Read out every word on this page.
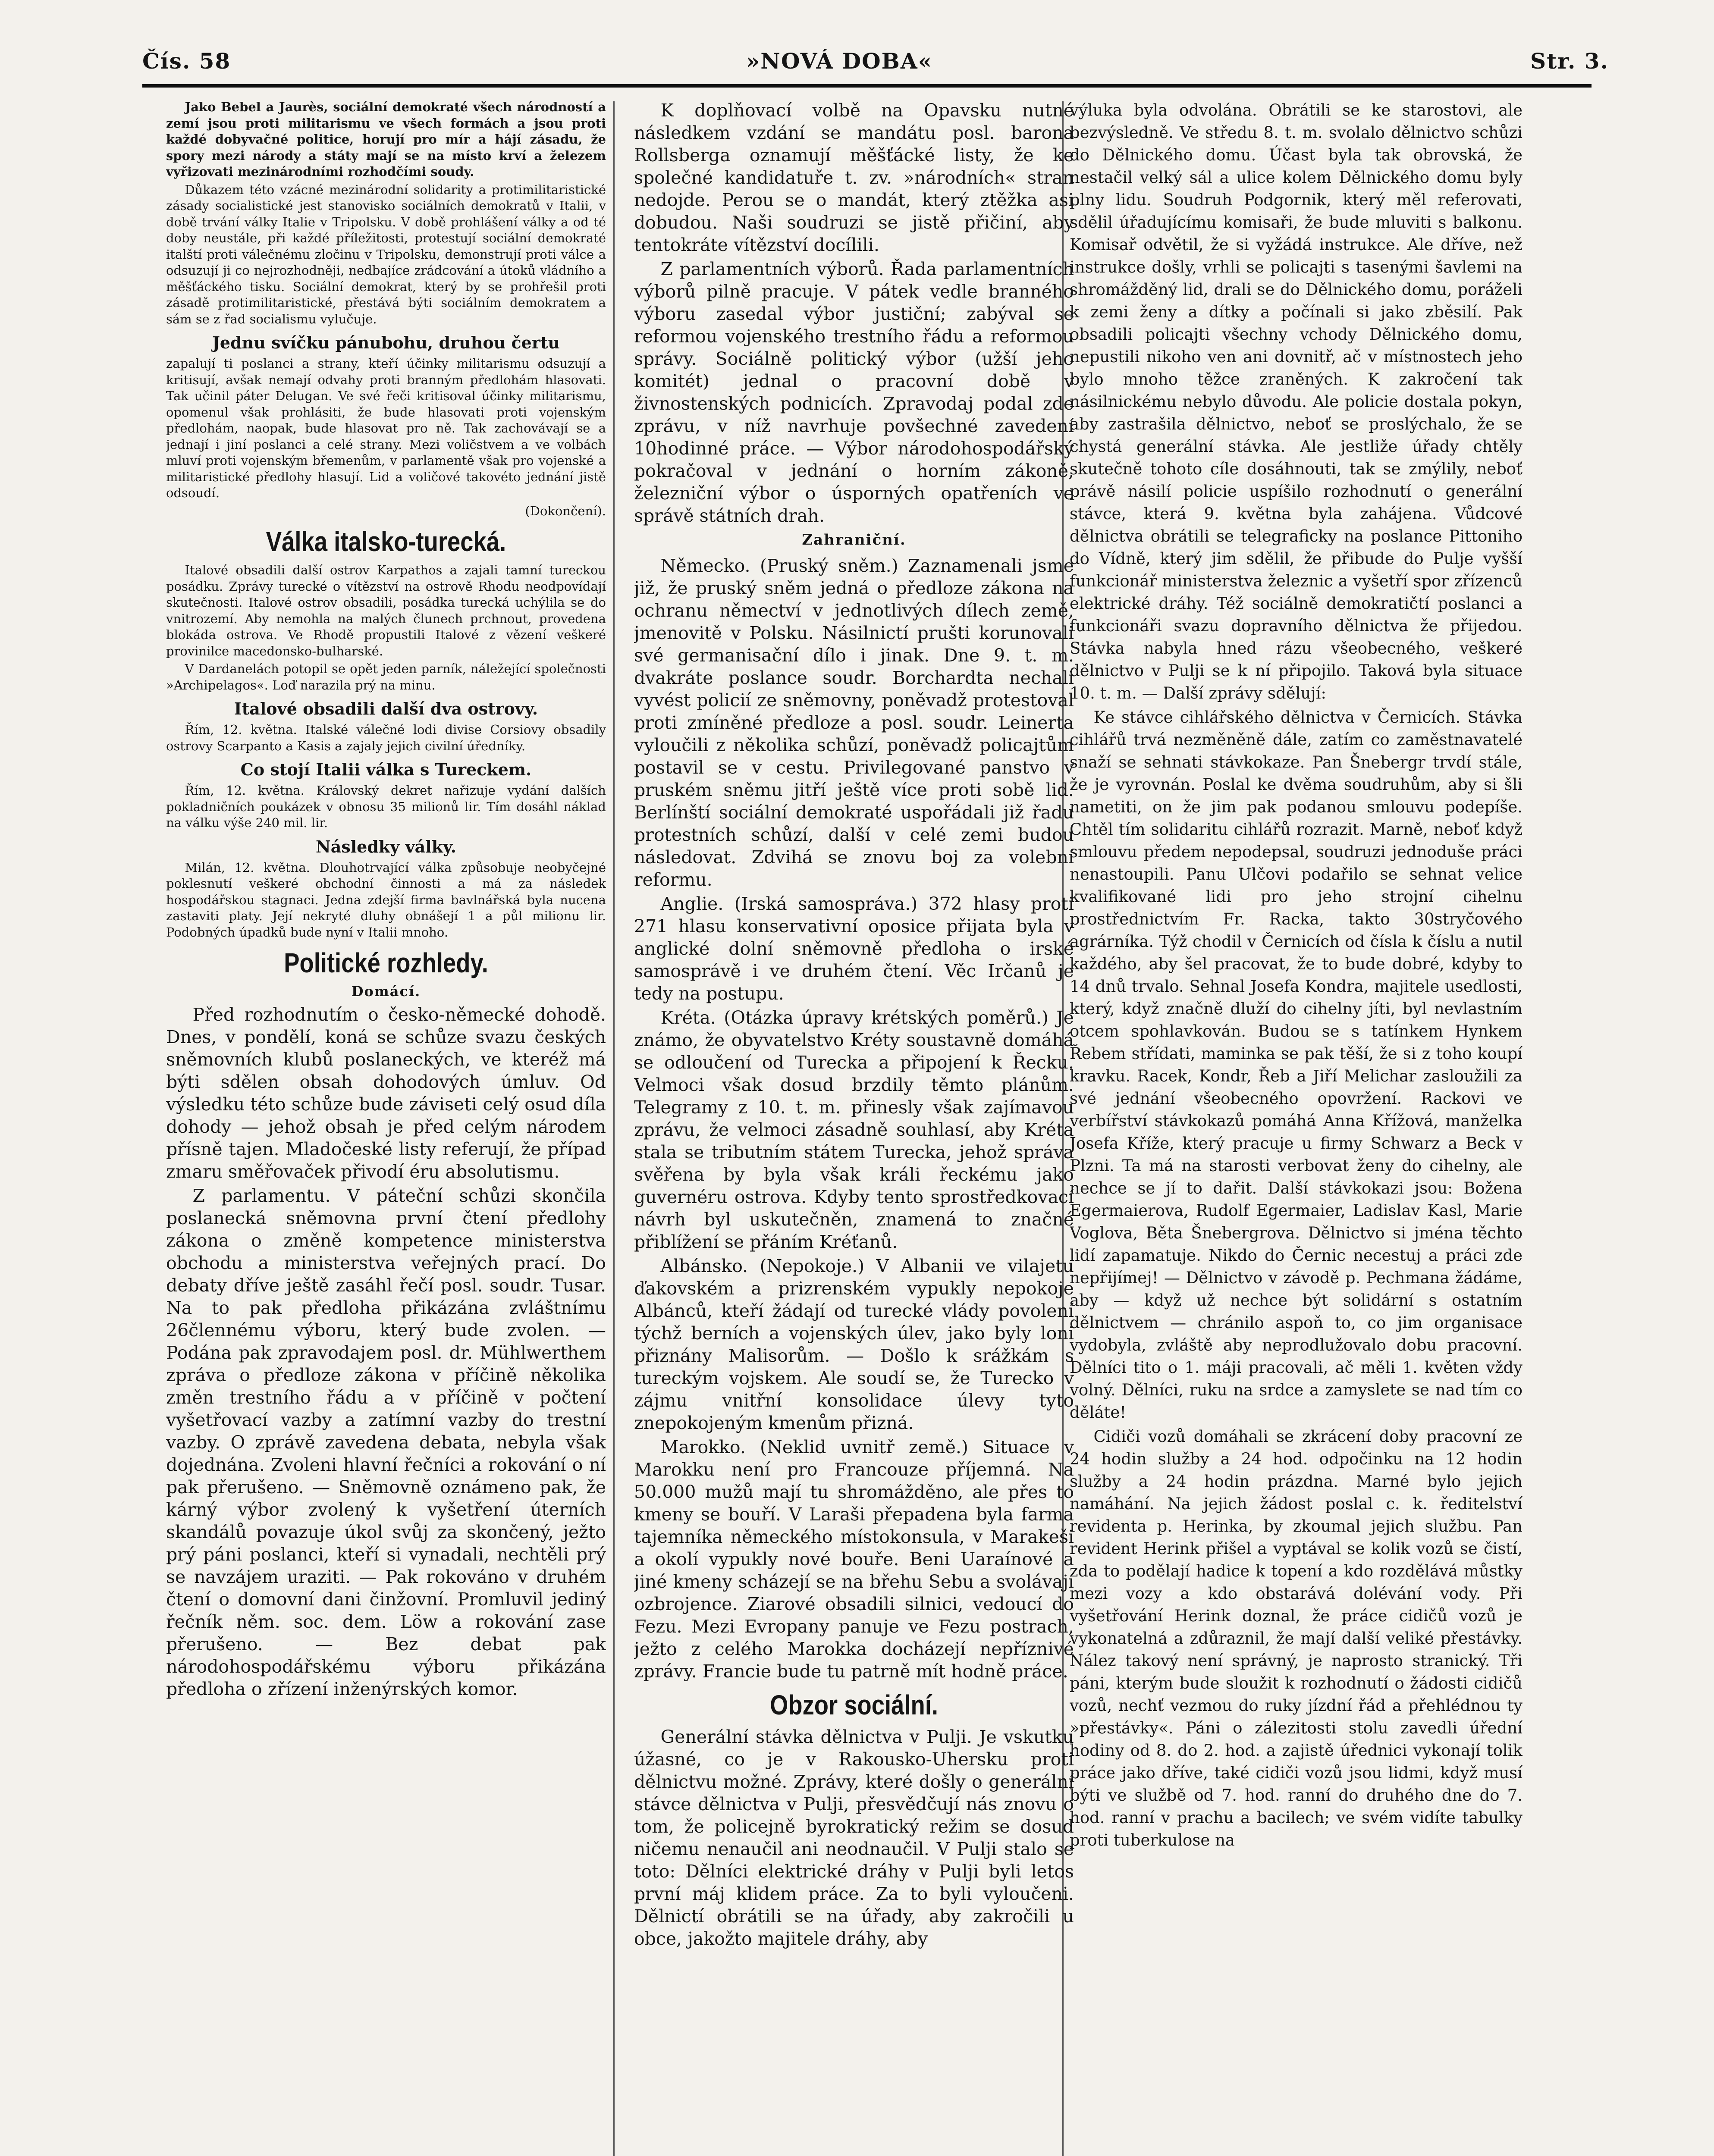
Čís. 58	»NOVÁ DOBA«	Str. 3.

Jako Bebel a Jaurès, sociální demokraté všech národností a zemí jsou proti militarismu ve všech formách a jsou proti každé dobyvačné politice, horují pro mír a hájí zásadu, že spory mezi národy a státy mají se na místo krví a železem vyřizovati mezinárodními rozhodčími soudy.

Důkazem této vzácné mezinárodní solidarity a protimilitaristické zásady socialistické jest stanovisko sociálních demokratů v Italii, v době trvání války Italie v Tripolsku. V době prohlášení války a od té doby neustále, při každé příležitosti, protestují sociální demokraté italští proti válečnému zločinu v Tripolsku, demonstrují proti válce a odsuzují ji co nejrozhodněji, nedbajíce zrádcování a útoků vládního a měšťáckého tisku. Sociální demokrat, který by se prohřešil proti zásadě protimilitaristické, přestává býti sociálním demokratem a sám se z řad socialismu vylučuje.

Jednu svíčku pánubohu, druhou čertu

zapalují ti poslanci a strany, kteří účinky militarismu odsuzují a kritisují, avšak nemají odvahy proti branným předlohám hlasovati. Tak učinil páter Delugan. Ve své řeči kritisoval účinky militarismu, opomenul však prohlásiti, že bude hlasovati proti vojenským předlohám, naopak, bude hlasovat pro ně. Tak zachovávají se a jednají i jiní poslanci a celé strany. Mezi voličstvem a ve volbách mluví proti vojenským břemenům, v parlamentě však pro vojenské a militaristické předlohy hlasují. Lid a voličové takovéto jednání jistě odsoudí.

(Dokončení).

Válka italsko-turecká.

Italové obsadili další ostrov Karpathos a zajali tamní tureckou posádku. Zprávy turecké o vítězství na ostrově Rhodu neodpovídají skutečnosti. Italové ostrov obsadili, posádka turecká uchýlila se do vnitrozemí. Aby nemohla na malých člunech prchnout, provedena blokáda ostrova. Ve Rhodě propustili Italové z vězení veškeré provinilce macedonsko-bulharské.

V Dardanelách potopil se opět jeden parník, náležející společnosti »Archipelagos«. Loď narazila prý na minu.

Italové obsadili další dva ostrovy.

Řím, 12. května. Italské válečné lodi divise Corsiovy obsadily ostrovy Scarpanto a Kasis a zajaly jejich civilní úředníky.

Co stojí Italii válka s Tureckem.

Řím, 12. května. Královský dekret nařizuje vydání dalších pokladničních poukázek v obnosu 35 milionů lir. Tím dosáhl náklad na válku výše 240 mil. lir.

Následky války.

Milán, 12. května. Dlouhotrvající válka způsobuje neobyčejné poklesnutí veškeré obchodní činnosti a má za následek hospodářskou stagnaci. Jedna zdejší firma bavlnářská byla nucena zastaviti platy. Její nekryté dluhy obnášejí 1 a půl milionu lir. Podobných úpadků bude nyní v Italii mnoho.

Politické rozhledy.
Domácí.

Před rozhodnutím o česko-německé dohodě. Dnes, v pondělí, koná se schůze svazu českých sněmovních klubů poslaneckých, ve kteréž má býti sdělen obsah dohodových úmluv. Od výsledku této schůze bude záviseti celý osud díla dohody — jehož obsah je před celým národem přísně tajen. Mladočeské listy referují, že případ zmaru směřovaček přivodí éru absolutismu.

Z parlamentu. V páteční schůzi skončila poslanecká sněmovna první čtení předlohy zákona o změně kompetence ministerstva obchodu a ministerstva veřejných prací. Do debaty dříve ještě zasáhl řečí posl. soudr. Tusar. Na to pak předloha přikázána zvláštnímu 26člennému výboru, který bude zvolen. — Podána pak zpravodajem posl. dr. Mühlwerthem zpráva o předloze zákona v příčině několika změn trestního řádu a v příčině v počtení vyšetřovací vazby a zatímní vazby do trestní vazby. O zprávě zavedena debata, nebyla však dojednána. Zvoleni hlavní řečníci a rokování o ní pak přerušeno. — Sněmovně oznámeno pak, že kárný výbor zvolený k vyšetření úterních skandálů povazuje úkol svůj za skončený, ježto prý páni poslanci, kteří si vynadali, nechtěli prý se navzájem uraziti. — Pak rokováno v druhém čtení o domovní dani činžovní. Promluvil jediný řečník něm. soc. dem. Löw a rokování zase přerušeno. — Bez debat pak národohospodářskému výboru přikázána předloha o zřízení inženýrských komor.

K doplňovací volbě na Opavsku nutné následkem vzdání se mandátu posl. barona Rollsberga oznamují měšťácké listy, že ke společné kandidatuře t. zv. »národních« stran nedojde. Perou se o mandát, který ztěžka asi dobudou. Naši soudruzi se jistě přičiní, aby tentokráte vítězství docílili.

Z parlamentních výborů. Řada parlamentních výborů pilně pracuje. V pátek vedle branného výboru zasedal výbor justiční; zabýval se reformou vojenského trestního řádu a reformou správy. Sociálně politický výbor (užší jeho komitét) jednal o pracovní době v živnostenských podnicích. Zpravodaj podal zde zprávu, v níž navrhuje povšechné zavedení 10hodinné práce. — Výbor národohospodářský pokračoval v jednání o horním zákoně, železniční výbor o úsporných opatřeních ve správě státních drah.

Zahraniční.

Německo. (Pruský sněm.) Zaznamenali jsme již, že pruský sněm jedná o předloze zákona na ochranu němectví v jednotlivých dílech země, jmenovitě v Polsku. Násilnictí prušti korunovali své germanisační dílo i jinak. Dne 9. t. m. dvakráte poslance soudr. Borchardta nechali vyvést policií ze sněmovny, poněvadž protestoval proti zmíněné předloze a posl. soudr. Leinerta vyloučili z několika schůzí, poněvadž policajtům postavil se v cestu. Privilegované panstvo v pruském sněmu jitří ještě více proti sobě lid. Berlínští sociální demokraté uspořádali již řadu protestních schůzí, další v celé zemi budou následovat. Zdvihá se znovu boj za volební reformu.

Anglie. (Irská samospráva.) 372 hlasy proti 271 hlasu konservativní oposice přijata byla v anglické dolní sněmovně předloha o irské samosprávě i ve druhém čtení. Věc Irčanů je tedy na postupu.

Kréta. (Otázka úpravy krétských poměrů.) Je známo, že obyvatelstvo Kréty soustavně domáhá se odloučení od Turecka a připojení k Řecku. Velmoci však dosud brzdily těmto plánům. Telegramy z 10. t. m. přinesly však zajímavou zprávu, že velmoci zásadně souhlasí, aby Kréta stala se tributním státem Turecka, jehož správa svěřena by byla však králi řeckému jako guvernéru ostrova. Kdyby tento sprostředkovací návrh byl uskutečněn, znamená to značné přiblížení se přáním Kréťanů.

Albánsko. (Nepokoje.) V Albanii ve vilajetu ďakovském a prizrenském vypukly nepokoje Albánců, kteří žádají od turecké vlády povolení týchž berních a vojenských úlev, jako byly loni přiznány Malisorům. — Došlo k srážkám s tureckým vojskem. Ale soudí se, že Turecko v zájmu vnitřní konsolidace úlevy tyto znepokojeným kmenům přizná.

Marokko. (Neklid uvnitř země.) Situace v Marokku není pro Francouze příjemná. Na 50.000 mužů mají tu shromážděno, ale přes to kmeny se bouří. V Laraši přepadena byla farma tajemníka německého místokonsula, v Marakeši a okolí vypukly nové bouře. Beni Uaraínové a jiné kmeny scházejí se na břehu Sebu a svolávají ozbrojence. Ziarové obsadili silnici, vedoucí do Fezu. Mezi Evropany panuje ve Fezu postrach, ježto z celého Marokka docházejí nepříznivé zprávy. Francie bude tu patrně mít hodně práce.

Obzor sociální.

Generální stávka dělnictva v Pulji. Je vskutku úžasné, co je v Rakousko-Uhersku proti dělnictvu možné. Zprávy, které došly o generální stávce dělnictva v Pulji, přesvědčují nás znovu o tom, že policejně byrokratický režim se dosud ničemu nenaučil ani neodnaučil. V Pulji stalo se toto: Dělníci elektrické dráhy v Pulji byli letos první máj klidem práce. Za to byli vyloučeni. Dělnictí obrátili se na úřady, aby zakročili u obce, jakožto majitele dráhy, aby

výluka byla odvolána. Obrátili se ke starostovi, ale bezvýsledně. Ve středu 8. t. m. svolalo dělnictvo schůzi do Dělnického domu. Účast byla tak obrovská, že nestačil velký sál a ulice kolem Dělnického domu byly plny lidu. Soudruh Podgornik, který měl referovati, sdělil úřadujícímu komisaři, že bude mluviti s balkonu. Komisař odvětil, že si vyžádá instrukce. Ale dříve, než instrukce došly, vrhli se policajti s tasenými šavlemi na shromážděný lid, drali se do Dělnického domu, poráželi k zemi ženy a dítky a počínali si jako zběsilí. Pak obsadili policajti všechny vchody Dělnického domu, nepustili nikoho ven ani dovnitř, ač v místnostech jeho bylo mnoho těžce zraněných. K zakročení tak násilnickému nebylo důvodu. Ale policie dostala pokyn, aby zastrašila dělnictvo, neboť se proslýchalo, že se chystá generální stávka. Ale jestliže úřady chtěly skutečně tohoto cíle dosáhnouti, tak se zmýlily, neboť právě násilí policie uspíšilo rozhodnutí o generální stávce, která 9. května byla zahájena. Vůdcové dělnictva obrátili se telegraficky na poslance Pittoniho do Vídně, který jim sdělil, že přibude do Pulje vyšší funkcionář ministerstva železnic a vyšetří spor zřízenců elektrické dráhy. Též sociálně demokratičtí poslanci a funkcionáři svazu dopravního dělnictva že přijedou. Stávka nabyla hned rázu všeobecného, veškeré dělnictvo v Pulji se k ní připojilo. Taková byla situace 10. t. m. — Další zprávy sdělují:

Ke stávce cihlářského dělnictva v Černicích. Stávka cihlářů trvá nezměněně dále, zatím co zaměstnavatelé snaží se sehnati stávkokaze. Pan Šnebergr trvdí stále, že je vyrovnán. Poslal ke dvěma soudruhům, aby si šli nametiti, on že jim pak podanou smlouvu podepíše. Chtěl tím solidaritu cihlářů rozrazit. Marně, neboť když smlouvu předem nepodepsal, soudruzi jednoduše práci nenastoupili. Panu Ulčovi podařilo se sehnat velice kvalifikované lidi pro jeho strojní cihelnu prostřednictvím Fr. Racka, takto 30stryčového agrárníka. Týž chodil v Černicích od čísla k číslu a nutil každého, aby šel pracovat, že to bude dobré, kdyby to 14 dnů trvalo. Sehnal Josefa Kondra, majitele usedlosti, který, když značně dluží do cihelny jíti, byl nevlastním otcem spohlavkován. Budou se s tatínkem Hynkem Řebem střídati, maminka se pak těší, že si z toho koupí kravku. Racek, Kondr, Řeb a Jiří Melichar zasloužili za své jednání všeobecného opovržení. Rackovi ve verbířství stávkokazů pomáhá Anna Křížová, manželka Josefa Kříže, který pracuje u firmy Schwarz a Beck v Plzni. Ta má na starosti verbovat ženy do cihelny, ale nechce se jí to dařit. Další stávkokazi jsou: Božena Egermaierova, Rudolf Egermaier, Ladislav Kasl, Marie Voglova, Běta Šnebergrova. Dělnictvo si jména těchto lidí zapamatuje. Nikdo do Černic necestuj a práci zde nepřijímej! — Dělnictvo v závodě p. Pechmana žádáme, aby — když už nechce být solidární s ostatním dělnictvem — chránilo aspoň to, co jim organisace vydobyla, zvláště aby neprodlužovalo dobu pracovní. Dělníci tito o 1. máji pracovali, ač měli 1. květen vždy volný. Dělníci, ruku na srdce a zamyslete se nad tím co děláte!

Cidiči vozů domáhali se zkrácení doby pracovní ze 24 hodin služby a 24 hod. odpočinku na 12 hodin služby a 24 hodin prázdna. Marné bylo jejich namáhání. Na jejich žádost poslal c. k. ředitelství revidenta p. Herinka, by zkoumal jejich službu. Pan revident Herink přišel a vyptával se kolik vozů se čistí, zda to podělají hadice k topení a kdo rozdělává můstky mezi vozy a kdo obstarává dolévání vody. Při vyšetřování Herink doznal, že práce cidičů vozů je vykonatelná a zdůraznil, že mají další veliké přestávky. Nález takový není správný, je naprosto stranický. Tři páni, kterým bude sloužit k rozhodnutí o žádosti cidičů vozů, nechť vezmou do ruky jízdní řád a přehlédnou ty »přestávky«. Páni o zálezitosti stolu zavedli úřední hodiny od 8. do 2. hod. a zajistě úřednici vykonají tolik práce jako dříve, také cidiči vozů jsou lidmi, když musí býti ve službě od 7. hod. ranní do druhého dne do 7. hod. ranní v prachu a bacilech; ve svém vidíte tabulky proti tuberkulose na
